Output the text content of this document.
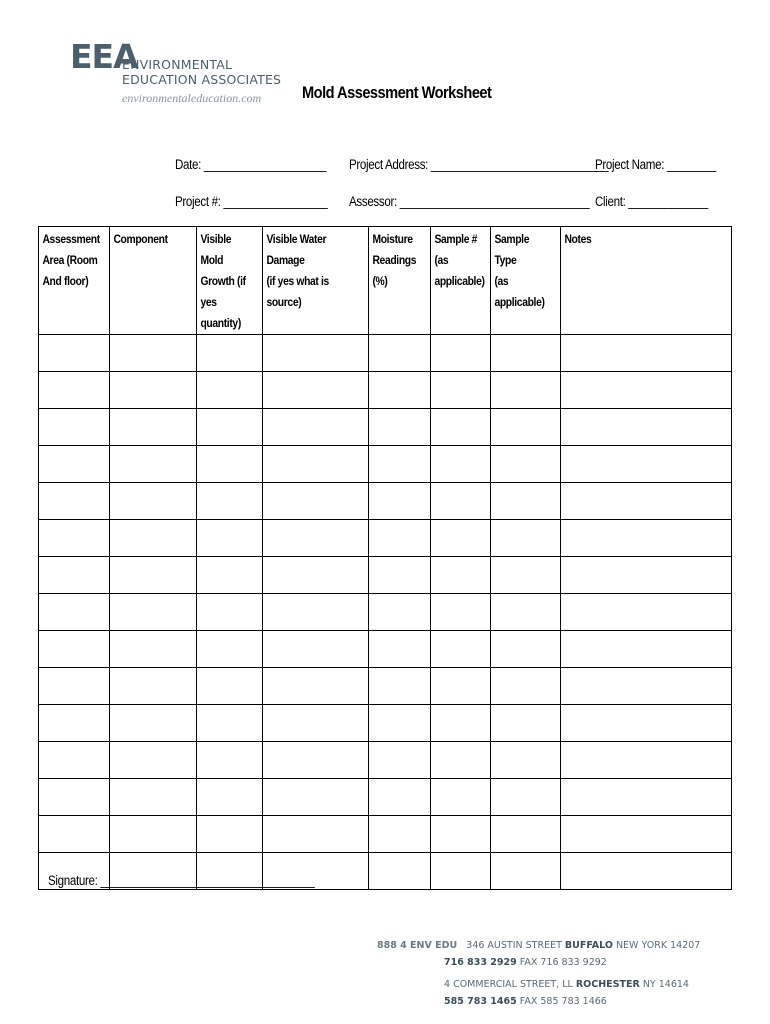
EEA
ENVIRONMENTAL
EDUCATION ASSOCIATES
environmentaleducation.com Mold Assessment Worksheet
Date: ____________________ Project Address: _____________________________
Project Name: ________
Project #: _________________ Assessor: _______________________________ Client: _____________
Assessment
Area (Room
And floor)	Component	Visible Mold
Growth (if
yes quantity)	Visible Water Damage
(if yes what is source)	Moisture
Readings
(%)	Sample #
(as
applicable)	Sample Type
(as
applicable)	Notes

Signature: ___________________________________
888 4 ENV EDU 346 AUSTIN STREET BUFFALO NEW YORK 14207
716 833 2929 FAX 716 833 9292
4 COMMERCIAL STREET, LL ROCHESTER NY 14614
585 783 1465 FAX 585 783 1466
